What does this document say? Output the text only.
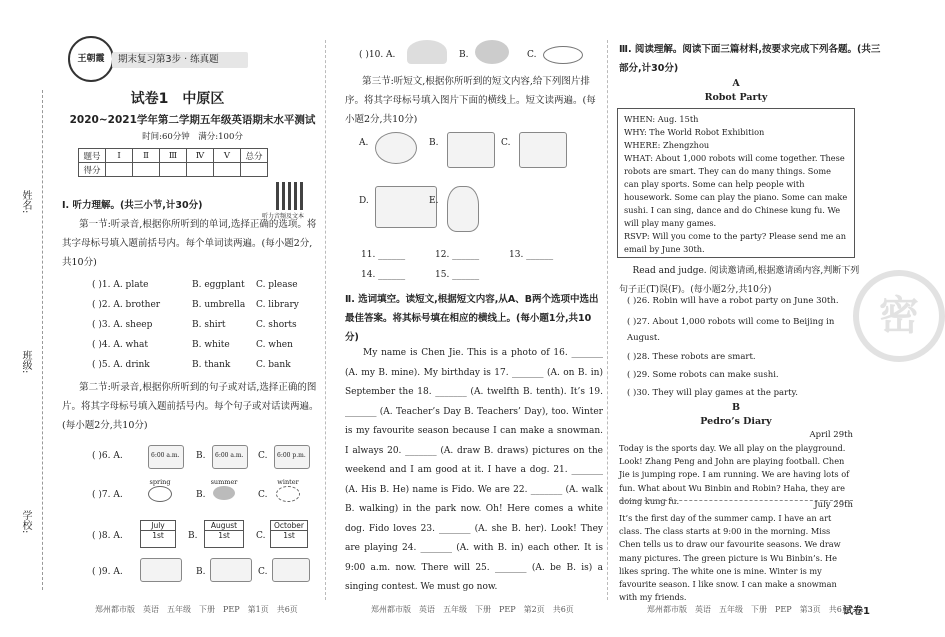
姓名:
班级:
学校:
王朝霞	期末复习第3步 · 练真题
试卷1　中原区
2020~2021学年第二学期五年级英语期末水平测试
时间:60分钟　满分:100分
题号	Ⅰ	Ⅱ	Ⅲ	Ⅳ	Ⅴ	总分
得分						
听力音频及文本
Ⅰ. 听力理解。(共三小节,计30分)
第一节:听录音,根据你所听到的单词,选择正确的选项。将其字母标号填入题前括号内。每个单词读两遍。(每小题2分,共10分)
( )1. A. plate	B. eggplant C. please
( )2. A. brother	B. umbrella C. library
( )3. A. sheep	B. shirt	C. shorts
( )4. A. what	B. white	C. when
( )5. A. drink	B. thank	C. bank
第二节:听录音,根据你所听到的句子或对话,选择正确的图片。将其字母标号填入题前括号内。每个句子或对话读两遍。(每小题2分,共10分)
( )6. A.	6:00 a.m. B. 6:00 a.m. C. 6:00 p.m.
( )7. A.
spring
B.
summer
C.
winter
( )8. A.
July
1st	B.
August
1st	C.
October
1st
( )9. A.	B.	C.
郑州都市版　英语　五年级　下册　PEP　第1页　共6页
( )10. A.	B.	C.
第三节:听短文,根据你所听到的短文内容,给下列图片排序。将其字母标号填入图片下面的横线上。短文读两遍。(每小题2分,共10分)
A.	B.	C.
D.	E.
11. ______	12. ______	13. ______
14. ______	15. ______
Ⅱ. 选词填空。读短文,根据短文内容,从A、B两个选项中选出最佳答案。将其标号填在相应的横线上。(每小题1分,共10分)
My name is Chen Jie. This is a photo of 16. _______ (A. my B. mine). My birthday is 17. _______ (A. on B. in) September the 18. _______ (A. twelfth B. tenth). It’s 19. _______ (A. Teacher’s Day B. Teachers’ Day), too. Winter is my favourite season because I can make a snowman. I always 20. _______ (A. draw B. draws) pictures on the weekend and I am good at it. I have a dog. 21. _______ (A. His B. He) name is Fido. We are 22. _______ (A. walk B. walking) in the park now. Oh! Here comes a white dog. Fido loves 23. _______ (A. she B. her). Look! They are playing 24. _______ (A. with B. in) each other. It is 9:00 a.m. now. There will 25. _______ (A. be B. is) a singing contest. We must go now.
郑州都市版　英语　五年级　下册　PEP　第2页　共6页
Ⅲ. 阅读理解。阅读下面三篇材料,按要求完成下列各题。(共三部分,计30分)
A
Robot Party
WHEN: Aug. 15th
WHY: The World Robot Exhibition
WHERE: Zhengzhou
WHAT: About 1,000 robots will come together. These robots are smart. They can do many things. Some can play sports. Some can help people with housework. Some can play the piano. Some can make sushi. I can sing, dance and do Chinese kung fu. We will play many games.
RSVP: Will you come to the party? Please send me an email by June 30th.
Read and judge. 阅读邀请函,根据邀请函内容,判断下列句子正(T)误(F)。(每小题2分,共10分)
( )26. Robin will have a robot party on June 30th.
( )27. About 1,000 robots will come to Beijing in August.
( )28. These robots are smart.
( )29. Some robots can make sushi.
( )30. They will play games at the party.
B
Pedro’s Diary
April 29th
Today is the sports day. We all play on the playground. Look! Zhang Peng and John are playing football. Chen Jie is jumping rope. I am running. We are having lots of fun. What about Wu Binbin and Robin? Haha, they are doing kung fu.	July 29th
It’s the first day of the summer camp. I have an art class. The class starts at 9:00 in the morning. Miss Chen tells us to draw our favourite seasons. We draw many pictures. The green picture is Wu Binbin’s. He likes spring. The white one is mine. Winter is my favourite season. I like snow. I can make a snowman with my friends.
密
郑州都市版　英语　五年级　下册　PEP　第3页　共6页
试卷1
